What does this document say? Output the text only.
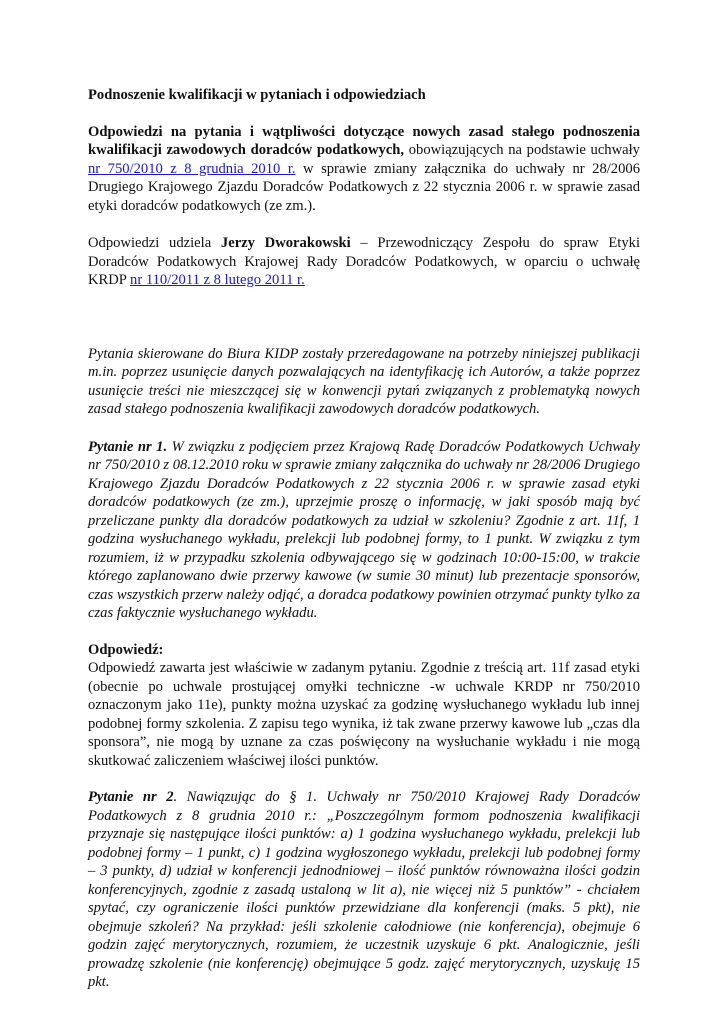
Podnoszenie kwalifikacji w pytaniach i odpowiedziach

Odpowiedzi na pytania i wątpliwości dotyczące nowych zasad stałego podnoszenia kwalifikacji zawodowych doradców podatkowych, obowiązujących na podstawie uchwały nr 750/2010 z 8 grudnia 2010 r. w sprawie zmiany załącznika do uchwały nr 28/2006 Drugiego Krajowego Zjazdu Doradców Podatkowych z 22 stycznia 2006 r. w sprawie zasad etyki doradców podatkowych (ze zm.).

Odpowiedzi udziela Jerzy Dworakowski – Przewodniczący Zespołu do spraw Etyki Doradców Podatkowych Krajowej Rady Doradców Podatkowych, w oparciu o uchwałę KRDP nr 110/2011 z 8 lutego 2011 r.

Pytania skierowane do Biura KIDP zostały przeredagowane na potrzeby niniejszej publikacji m.in. poprzez usunięcie danych pozwalających na identyfikację ich Autorów, a także poprzez usunięcie treści nie mieszczącej się w konwencji pytań związanych z problematyką nowych zasad stałego podnoszenia kwalifikacji zawodowych doradców podatkowych.

Pytanie nr 1. W związku z podjęciem przez Krajową Radę Doradców Podatkowych Uchwały nr 750/2010 z 08.12.2010 roku w sprawie zmiany załącznika do uchwały nr 28/2006 Drugiego Krajowego Zjazdu Doradców Podatkowych z 22 stycznia 2006 r. w sprawie zasad etyki doradców podatkowych (ze zm.), uprzejmie proszę o informację, w jaki sposób mają być przeliczane punkty dla doradców podatkowych za udział w szkoleniu? Zgodnie z art. 11f, 1 godzina wysłuchanego wykładu, prelekcji lub podobnej formy, to 1 punkt. W związku z tym rozumiem, iż w przypadku szkolenia odbywającego się w godzinach 10:00-15:00, w trakcie którego zaplanowano dwie przerwy kawowe (w sumie 30 minut) lub prezentacje sponsorów, czas wszystkich przerw należy odjąć, a doradca podatkowy powinien otrzymać punkty tylko za czas faktycznie wysłuchanego wykładu.

Odpowiedź:

Odpowiedź zawarta jest właściwie w zadanym pytaniu. Zgodnie z treścią art. 11f zasad etyki (obecnie po uchwale prostującej omyłki techniczne -w uchwale KRDP nr 750/2010 oznaczonym jako 11e), punkty można uzyskać za godzinę wysłuchanego wykładu lub innej podobnej formy szkolenia. Z zapisu tego wynika, iż tak zwane przerwy kawowe lub „czas dla sponsora”, nie mogą by uznane za czas poświęcony na wysłuchanie wykładu i nie mogą skutkować zaliczeniem właściwej ilości punktów.

Pytanie nr 2. Nawiązując do § 1. Uchwały nr 750/2010 Krajowej Rady Doradców Podatkowych z 8 grudnia 2010 r.: „Poszczególnym formom podnoszenia kwalifikacji przyznaje się następujące ilości punktów: a) 1 godzina wysłuchanego wykładu, prelekcji lub podobnej formy – 1 punkt, c) 1 godzina wygłoszonego wykładu, prelekcji lub podobnej formy – 3 punkty, d) udział w konferencji jednodniowej – ilość punktów równoważna ilości godzin konferencyjnych, zgodnie z zasadą ustaloną w lit a), nie więcej niż 5 punktów” - chciałem spytać, czy ograniczenie ilości punktów przewidziane dla konferencji (maks. 5 pkt), nie obejmuje szkoleń? Na przykład: jeśli szkolenie całodniowe (nie konferencja), obejmuje 6 godzin zajęć merytorycznych, rozumiem, że uczestnik uzyskuje 6 pkt. Analogicznie, jeśli prowadzę szkolenie (nie konferencję) obejmujące 5 godz. zajęć merytorycznych, uzyskuję 15 pkt.
